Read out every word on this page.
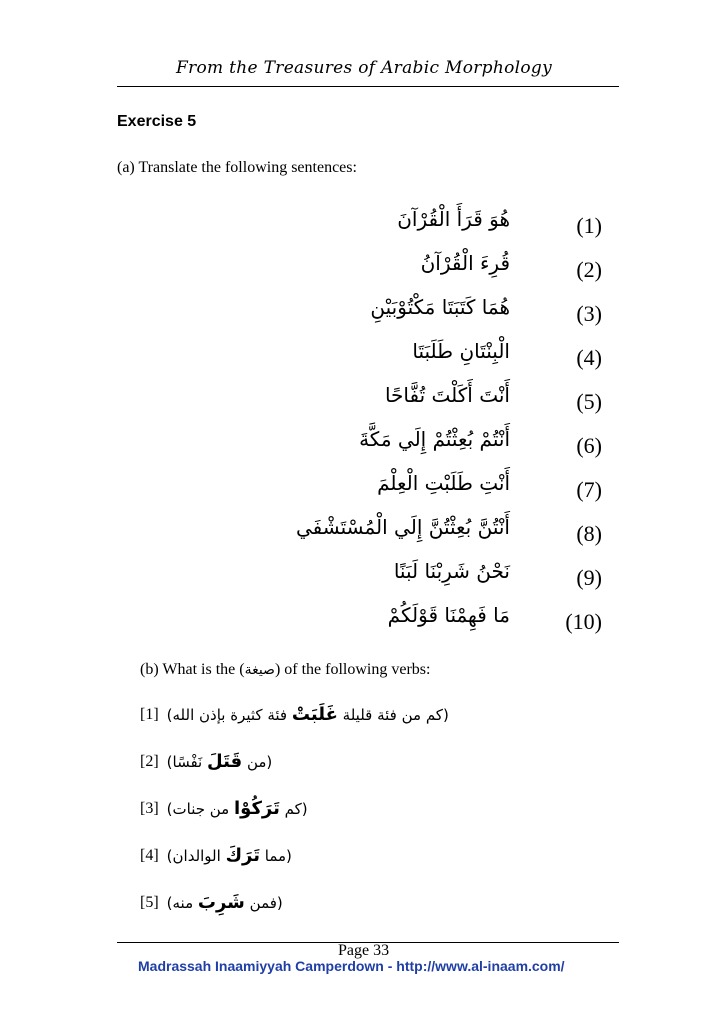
From the Treasures of Arabic Morphology
Exercise 5
(a) Translate the following sentences:
هُوَ قَرَأَ الْقُرْآنَ	(1)
قُرِءَ الْقُرْآنُ	(2)
هُمَا كَتَبَتَا مَكْتُوْبَيْنِ	(3)
الْبِنْتَانِ طَلَبَتَا	(4)
أَنْتَ أَكَلْتَ تُفَّاحًا	(5)
أَنْتُمْ بُعِثْتُمْ إِلَي مَكَّةَ	(6)
أَنْتِ طَلَبْتِ الْعِلْمَ	(7)
أَنْتُنَّ بُعِثْتُنَّ إِلَي الْمُسْتَشْفَي	(8)
نَحْنُ شَرِبْنَا لَبَنًا	(9)
مَا فَهِمْنَا قَوْلَكُمْ	(10)
(b) What is the (صيغة) of the following verbs:
[1]	(كم من فئة قليلة غَلَبَتْ فئة كثيرة بإذن الله)
[2]	(من قَتَلَ نَفْسًا)
[3]	(كم تَرَكُوْا من جنات)
[4]	(مما تَرَكَ الوالدان)
[5]	(فمن شَرِبَ منه)
Page 33
Madrassah Inaamiyyah Camperdown - http://www.al-inaam.com/
